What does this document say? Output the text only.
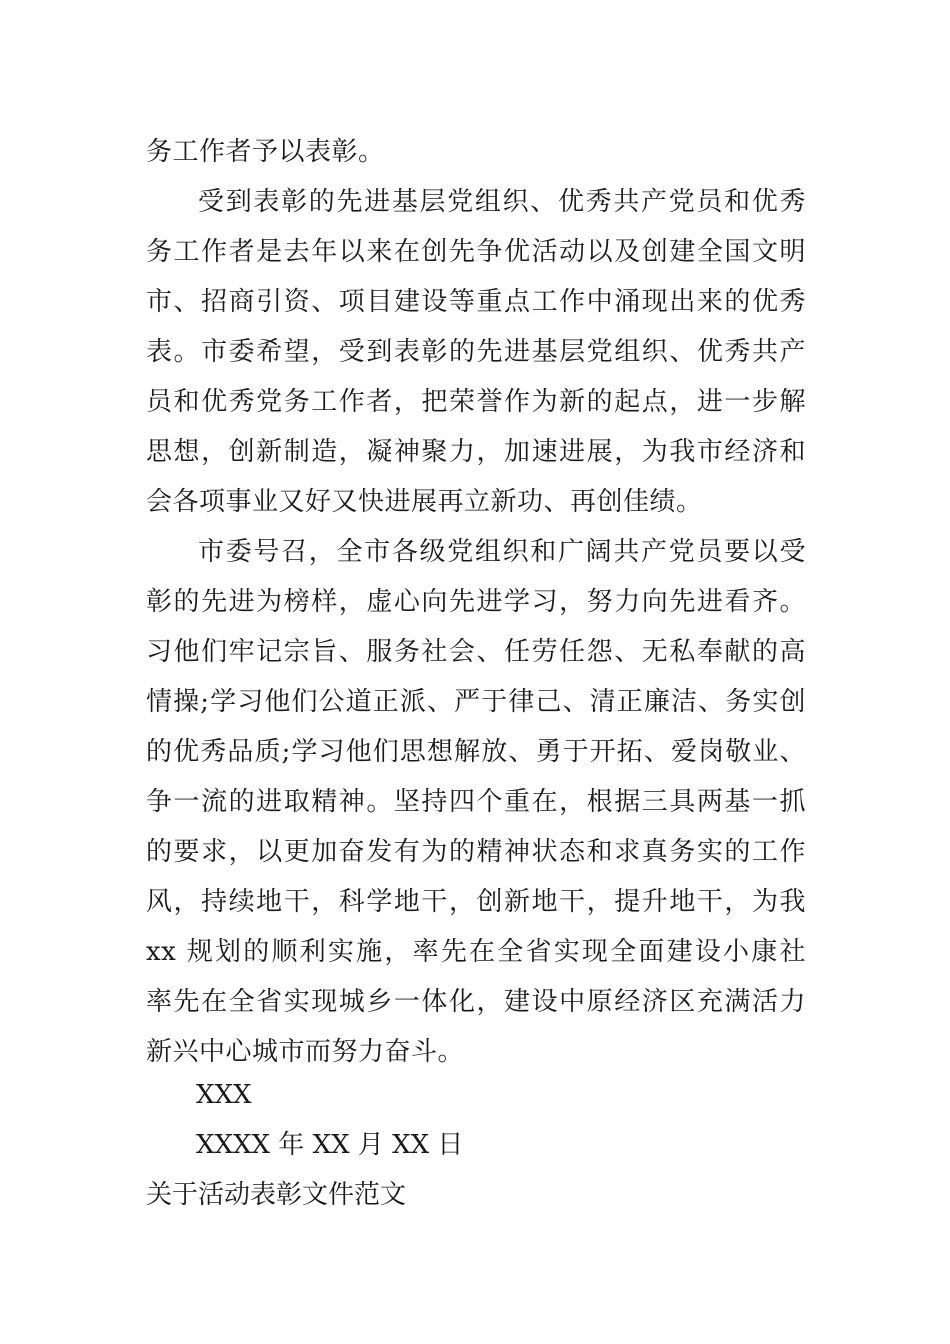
务工作者予以表彰。
受到表彰的先进基层党组织、优秀共产党员和优秀
务工作者是去年以来在创先争优活动以及创建全国文明
市、招商引资、项目建设等重点工作中涌现出来的优秀
表。市委希望，受到表彰的先进基层党组织、优秀共产
员和优秀党务工作者，把荣誉作为新的起点，进一步解
思想，创新制造，凝神聚力，加速进展，为我市经济和
会各项事业又好又快进展再立新功、再创佳绩。
市委号召，全市各级党组织和广阔共产党员要以受
彰的先进为榜样，虚心向先进学习，努力向先进看齐。
习他们牢记宗旨、服务社会、任劳任怨、无私奉献的高
情操;学习他们公道正派、严于律己、清正廉洁、务实创
的优秀品质;学习他们思想解放、勇于开拓、爱岗敬业、
争一流的进取精神。坚持四个重在，根据三具两基一抓
的要求，以更加奋发有为的精神状态和求真务实的工作
风，持续地干，科学地干，创新地干，提升地干，为我
xx 规划的顺利实施，率先在全省实现全面建设小康社
率先在全省实现城乡一体化，建设中原经济区充满活力
新兴中心城市而努力奋斗。
XXX
XXXX 年 XX 月 XX 日
关于活动表彰文件范文
